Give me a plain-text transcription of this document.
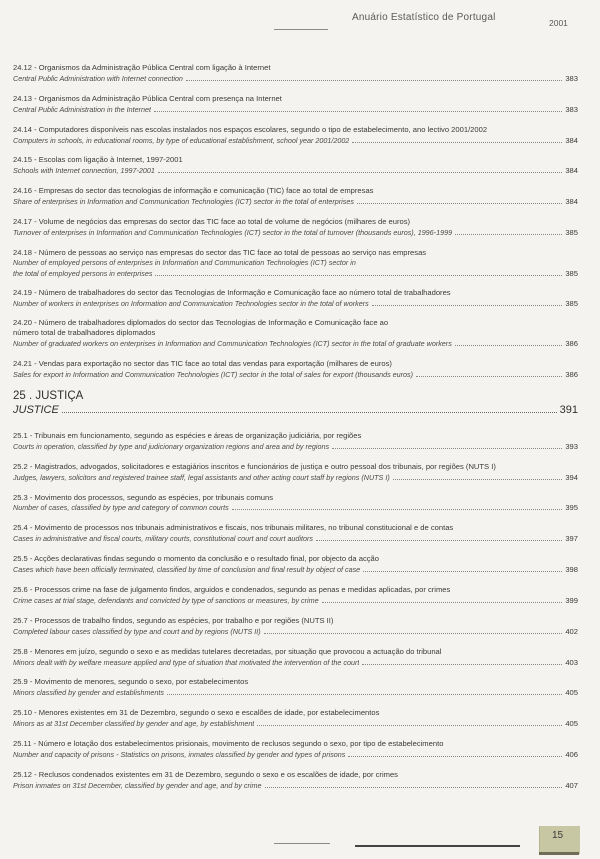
Anuário Estatístico de Portugal	2001
24.12 - Organismos da Administração Pública Central com ligação à Internet
Central Public Administration with Internet connection	383
24.13 - Organismos da Administração Pública Central com presença na Internet
Central Public Administration in the Internet	383
24.14 - Computadores disponíveis nas escolas instalados nos espaços escolares, segundo o tipo de estabelecimento, ano lectivo 2001/2002
Computers in schools, in educational rooms, by type of educational establishment, school year 2001/2002	384
24.15 - Escolas com ligação à Internet, 1997-2001
Schools with Internet connection, 1997-2001	384
24.16 - Empresas do sector das tecnologias de informação e comunicação (TIC) face ao total de empresas
Share of enterprises in Information and Communication Technologies (ICT) sector in the total of enterprises	384
24.17 - Volume de negócios das empresas do sector das TIC face ao total de volume de negócios (milhares de euros)
Turnover of enterprises in Information and Communication Technologies (ICT) sector in the total of turnover (thousands euros), 1996-1999	385
24.18 - Número de pessoas ao serviço nas empresas do sector das TIC face ao total de pessoas ao serviço nas empresas
Number of employed persons of enterprises in Information and Communication Technologies (ICT) sector in
the total of employed persons in enterprises	385
24.19 - Número de trabalhadores do sector das Tecnologias de Informação e Comunicação face ao número total de trabalhadores
Number of workers in enterprises on Information and Communication Technologies sector in the total of workers	385
24.20 - Número de trabalhadores diplomados do sector das Tecnologias de Informação e Comunicação face ao
número total de trabalhadores diplomados
Number of graduated workers on enterprises in Information and Communication Technologies (ICT) sector in the total of graduate workers	386
24.21 - Vendas para exportação no sector das TIC face ao total das vendas para exportação (milhares de euros)
Sales for export in Information and Communication Technologies (ICT) sector in the total of sales for export (thousands euros)	386
25 . JUSTIÇA
JUSTICE	391
25.1 - Tribunais em funcionamento, segundo as espécies e áreas de organização judiciária, por regiões
Courts in operation, classified by type and judicionary organization regions and area and by regions	393
25.2 - Magistrados, advogados, solicitadores e estagiários inscritos e funcionários de justiça e outro pessoal dos tribunais, por regiões (NUTS I)
Judges, lawyers, solicitors and registered trainee staff, legal assistants and other acting court staff by regions (NUTS I)	394
25.3 - Movimento dos processos, segundo as espécies, por tribunais comuns
Number of cases, classified by type and category of common courts	395
25.4 - Movimento de processos nos tribunais administrativos e fiscais, nos tribunais militares, no tribunal constitucional e de contas
Cases in administrative and fiscal courts, military courts, constitutional court and court auditors	397
25.5 - Acções declarativas findas segundo o momento da conclusão e o resultado final, por objecto da acção
Cases which have been officially terminated, classified by time of conclusion and final result by object of case	398
25.6 - Processos crime na fase de julgamento findos, arguidos e condenados, segundo as penas e medidas aplicadas, por crimes
Crime cases at trial stage, defendants and convicted by type of sanctions or measures, by crime	399
25.7 - Processos de trabalho findos, segundo as espécies, por trabalho e por regiões (NUTS II)
Completed labour cases classified by type and court and by regions (NUTS II)	402
25.8 - Menores em juízo, segundo o sexo e as medidas tutelares decretadas, por situação que provocou a actuação do tribunal
Minors dealt with by welfare measure applied and type of situation that motivated the intervention of the court	403
25.9 - Movimento de menores, segundo o sexo, por estabelecimentos
Minors classified by gender and establishments	405
25.10 - Menores existentes em 31 de Dezembro, segundo o sexo e escalões de idade, por estabelecimentos
Minors as at 31st December classified by gender and age, by establishment	405
25.11 - Número e lotação dos estabelecimentos prisionais, movimento de reclusos segundo o sexo, por tipo de estabelecimento
Number and capacity of prisons - Statistics on prisons, inmates classified by gender and types of prisons	406
25.12 - Reclusos condenados existentes em 31 de Dezembro, segundo o sexo e os escalões de idade, por crimes
Prison inmates on 31st December, classified by gender and age, and by crime	407
15
